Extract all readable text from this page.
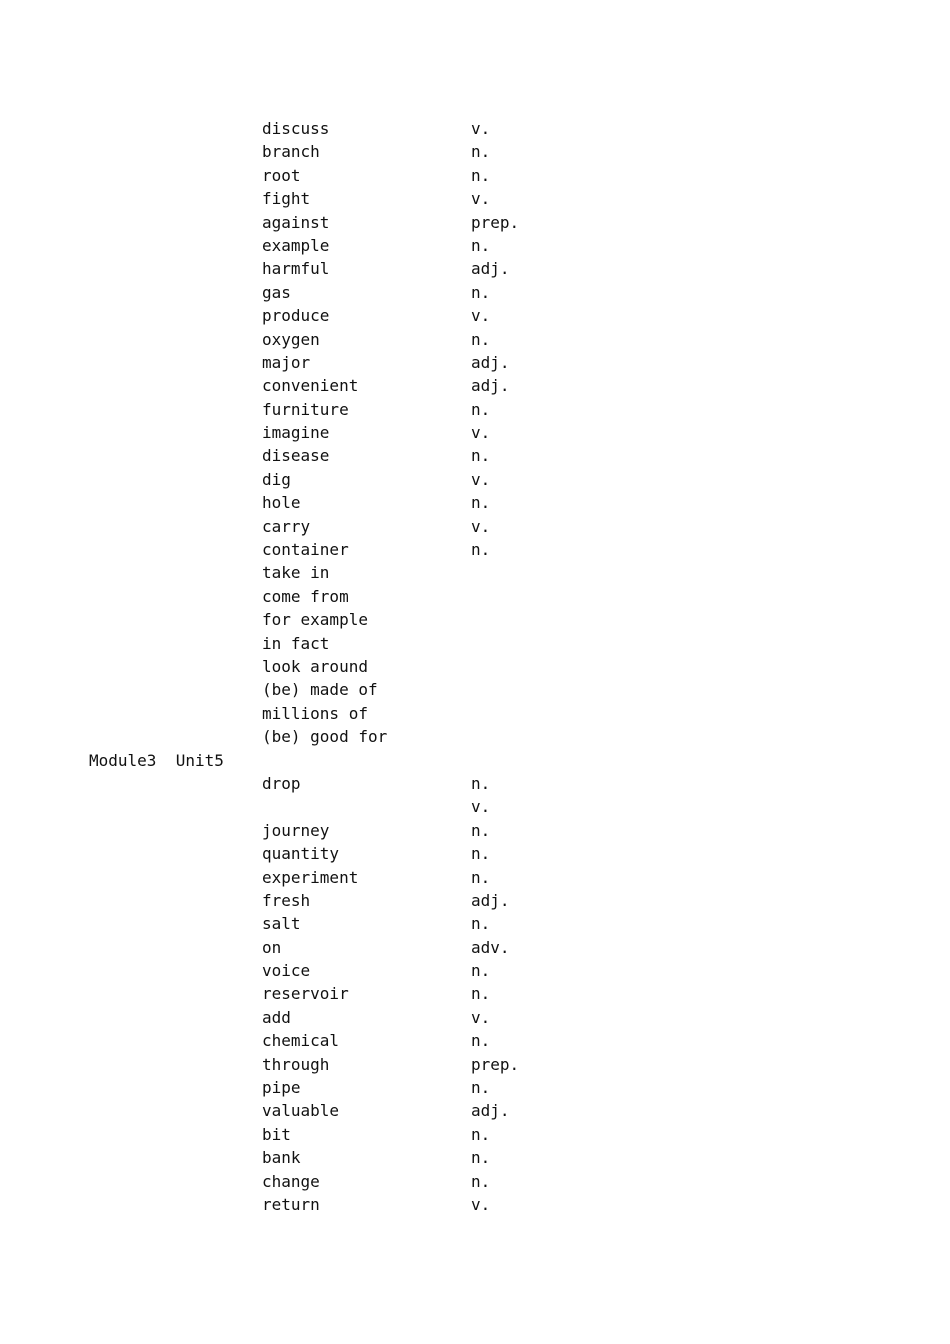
discuss	v.
branch	n.
root	n.
fight	v.
against	prep.
example	n.
harmful	adj.
gas	n.
produce	v.
oxygen	n.
major	adj.
convenient	adj.
furniture	n.
imagine	v.
disease	n.
dig	v.
hole	n.
carry	v.
container	n.
take in
come from
for example
in fact
look around
(be) made of
millions of
(be) good for
Module3  Unit5
drop	n.
v.
journey	n.
quantity	n.
experiment	n.
fresh	adj.
salt	n.
on	adv.
voice	n.
reservoir	n.
add	v.
chemical	n.
through	prep.
pipe	n.
valuable	adj.
bit	n.
bank	n.
change	n.
return	v.
